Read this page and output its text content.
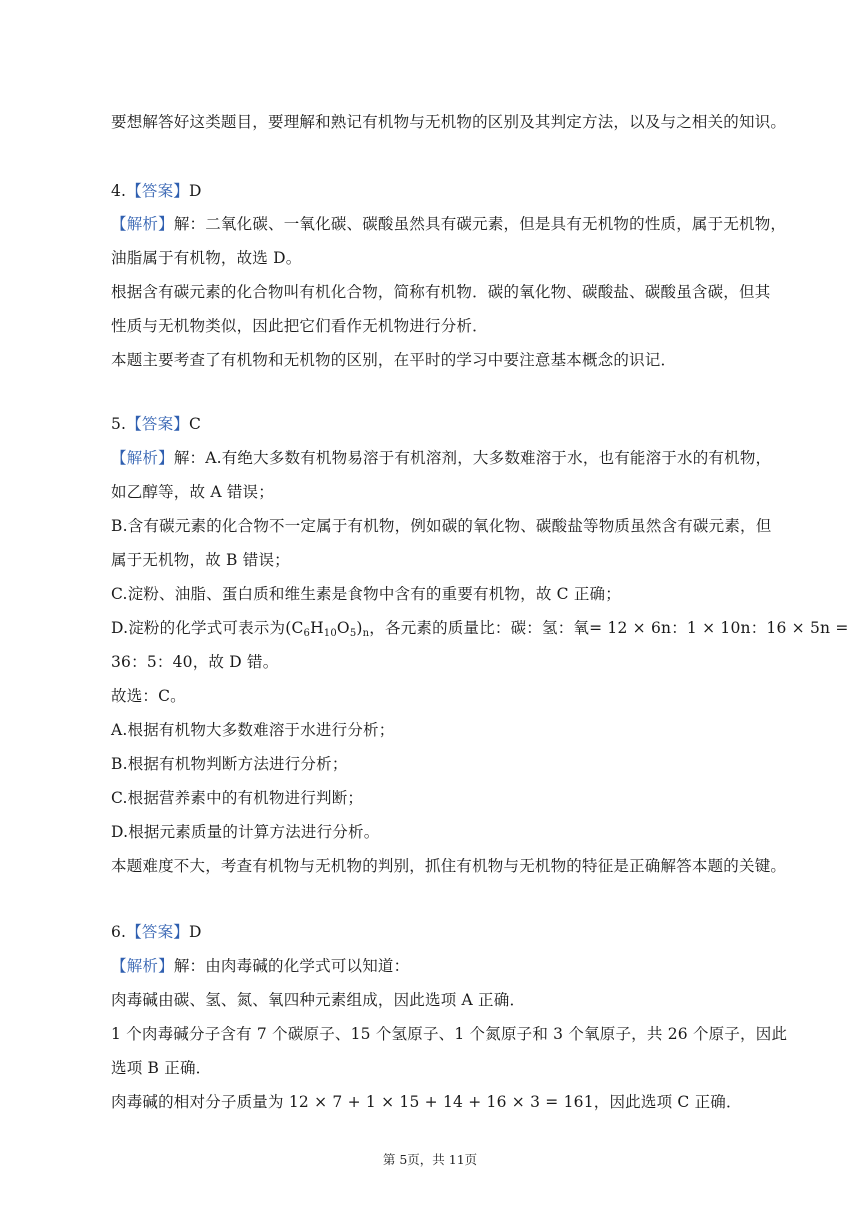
要想解答好这类题目，要理解和熟记有机物与无机物的区别及其判定方法，以及与之相关的知识。
4.【答案】D
【解析】解：二氧化碳、一氧化碳、碳酸虽然具有碳元素，但是具有无机物的性质，属于无机物，
油脂属于有机物，故选 D。
根据含有碳元素的化合物叫有机化合物，简称有机物．碳的氧化物、碳酸盐、碳酸虽含碳，但其
性质与无机物类似，因此把它们看作无机物进行分析．
本题主要考查了有机物和无机物的区别，在平时的学习中要注意基本概念的识记．
5.【答案】C
【解析】解：A.有绝大多数有机物易溶于有机溶剂，大多数难溶于水，也有能溶于水的有机物，
如乙醇等，故 A 错误；
B.含有碳元素的化合物不一定属于有机物，例如碳的氧化物、碳酸盐等物质虽然含有碳元素，但
属于无机物，故 B 错误；
C.淀粉、油脂、蛋白质和维生素是食物中含有的重要有机物，故 C 正确；
D.淀粉的化学式可表示为$(C_6H_{10}O_5)_n$，各元素的质量比：碳：氢：氧= 12 × 6n：1 × 10n：16 × 5n =
36：5：40，故 D 错。
故选：C。
A.根据有机物大多数难溶于水进行分析；
B.根据有机物判断方法进行分析；
C.根据营养素中的有机物进行判断；
D.根据元素质量的计算方法进行分析。
本题难度不大，考查有机物与无机物的判别，抓住有机物与无机物的特征是正确解答本题的关键。
6.【答案】D
【解析】解：由肉毒碱的化学式可以知道：
肉毒碱由碳、氢、氮、氧四种元素组成，因此选项 A 正确．
1 个肉毒碱分子含有 7 个碳原子、15 个氢原子、1 个氮原子和 3 个氧原子，共 26 个原子，因此
选项 B 正确．
肉毒碱的相对分子质量为 12 × 7 + 1 × 15 + 14 + 16 × 3 = 161，因此选项 C 正确．
第 5页，共 11页
